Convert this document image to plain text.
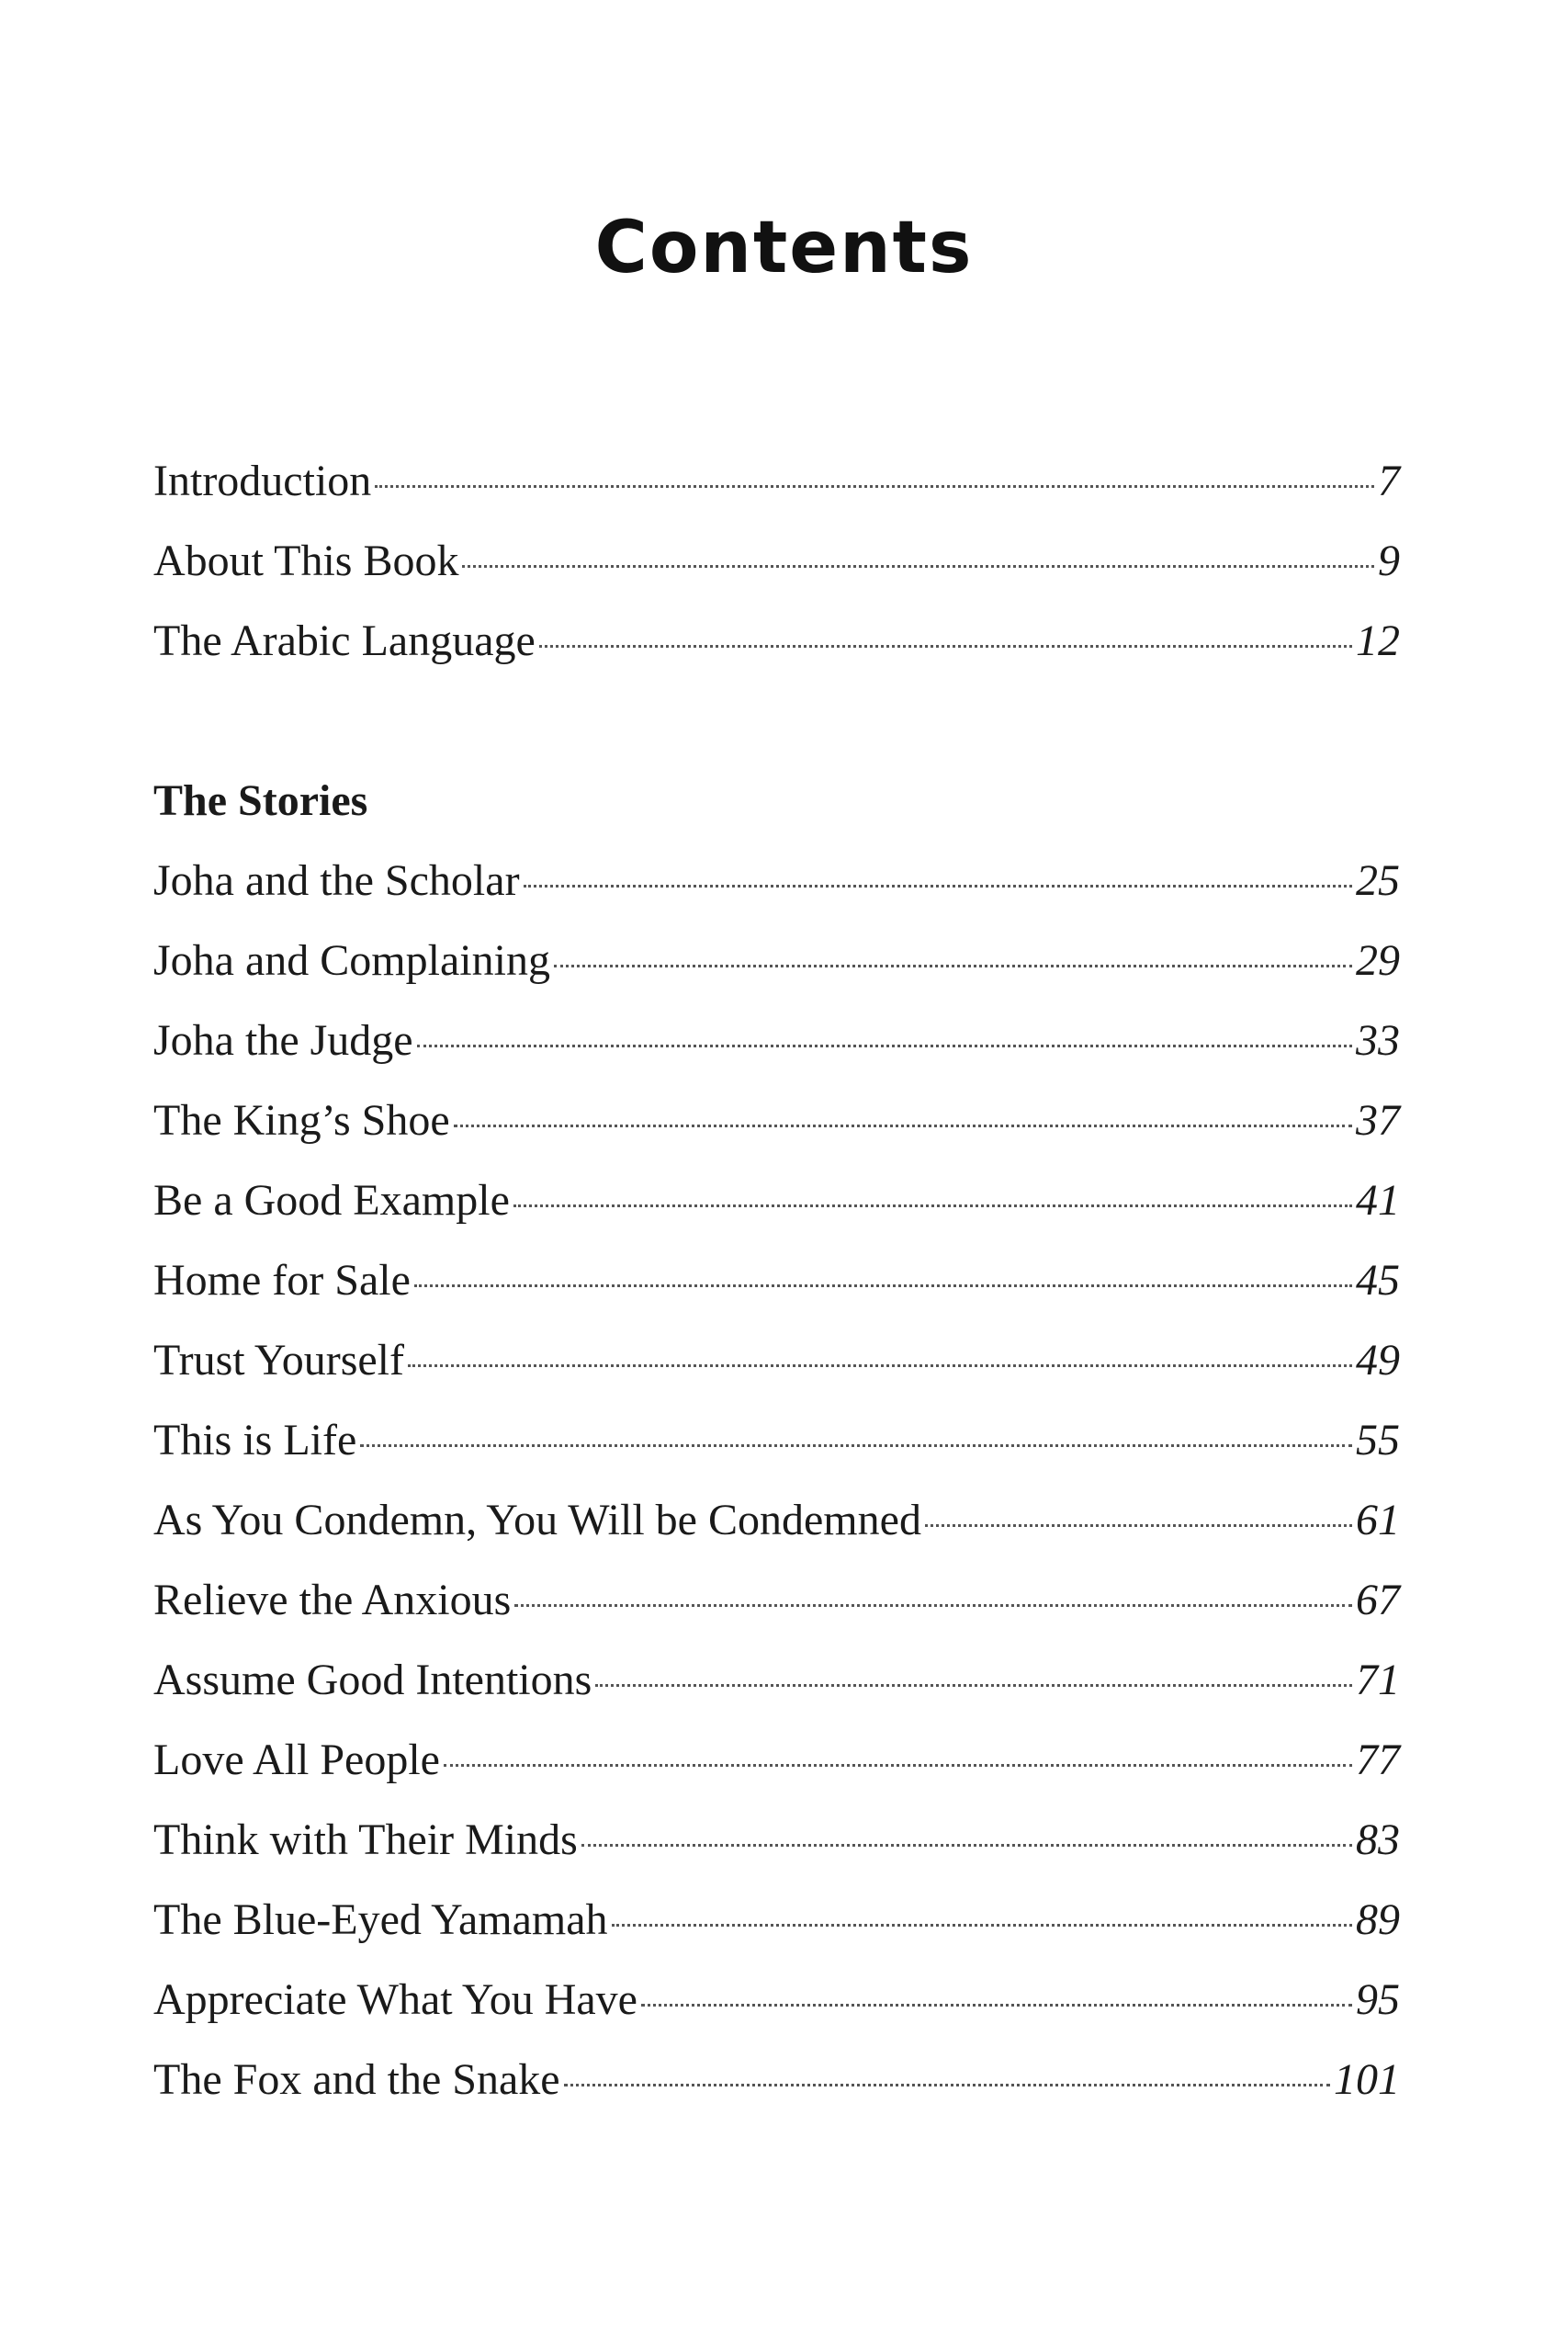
Contents
Introduction	7
About This Book	9
The Arabic Language	12
The Stories
Joha and the Scholar	25
Joha and Complaining	29
Joha the Judge	33
The King’s Shoe	37
Be a Good Example	41
Home for Sale	45
Trust Yourself	49
This is Life	55
As You Condemn, You Will be Condemned	61
Relieve the Anxious	67
Assume Good Intentions	71
Love All People	77
Think with Their Minds	83
The Blue-Eyed Yamamah	89
Appreciate What You Have	95
The Fox and the Snake	101
